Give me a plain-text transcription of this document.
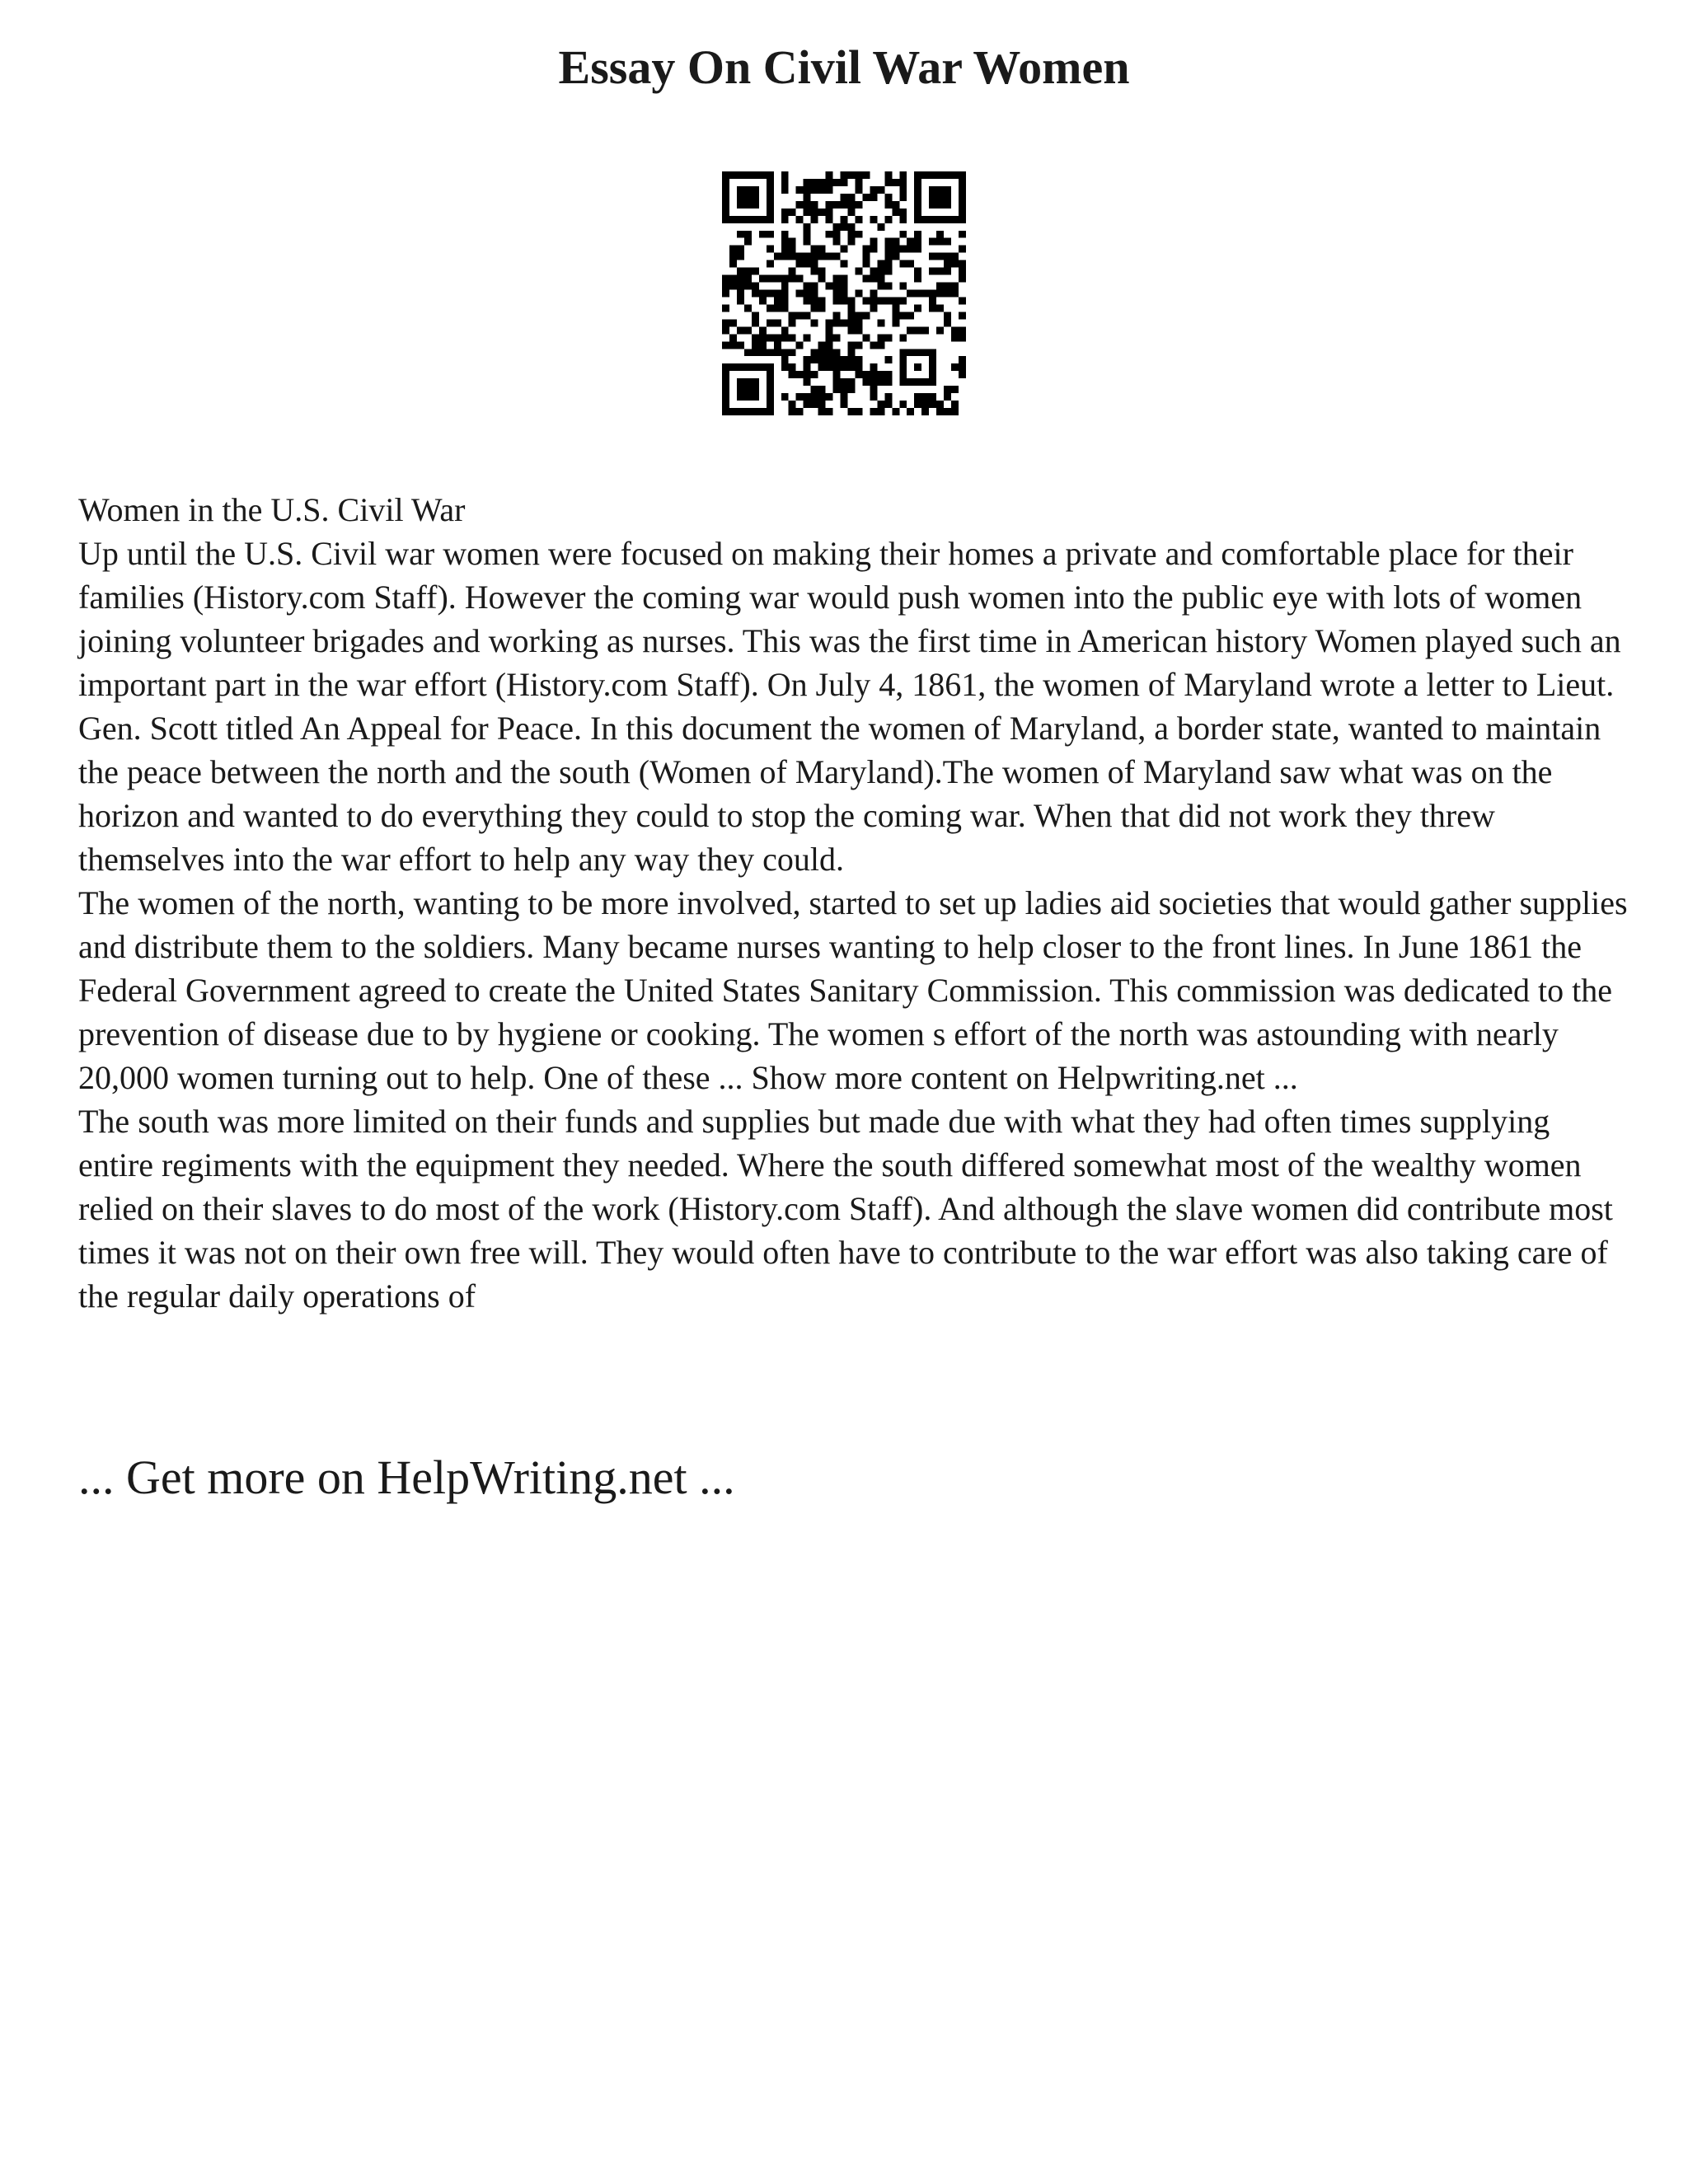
Essay On Civil War Women

Women in the U.S. Civil War

Up until the U.S. Civil war women were focused on making their homes a private and comfortable place for their families (History.com Staff). However the coming war would push women into the public eye with lots of women joining volunteer brigades and working as nurses. This was the first time in American history Women played such an important part in the war effort (History.com Staff). On July 4, 1861, the women of Maryland wrote a letter to Lieut. Gen. Scott titled An Appeal for Peace. In this document the women of Maryland, a border state, wanted to maintain the peace between the north and the south (Women of Maryland).The women of Maryland saw what was on the horizon and wanted to do everything they could to stop the coming war. When that did not work they threw themselves into the war effort to help any way they could.

The women of the north, wanting to be more involved, started to set up ladies aid societies that would gather supplies and distribute them to the soldiers. Many became nurses wanting to help closer to the front lines. In June 1861 the Federal Government agreed to create the United States Sanitary Commission. This commission was dedicated to the prevention of disease due to by hygiene or cooking. The women s effort of the north was astounding with nearly 20,000 women turning out to help. One of these ... Show more content on Helpwriting.net ...

The south was more limited on their funds and supplies but made due with what they had often times supplying entire regiments with the equipment they needed. Where the south differed somewhat most of the wealthy women relied on their slaves to do most of the work (History.com Staff). And although the slave women did contribute most times it was not on their own free will. They would often have to contribute to the war effort was also taking care of the regular daily operations of

... Get more on HelpWriting.net ...
